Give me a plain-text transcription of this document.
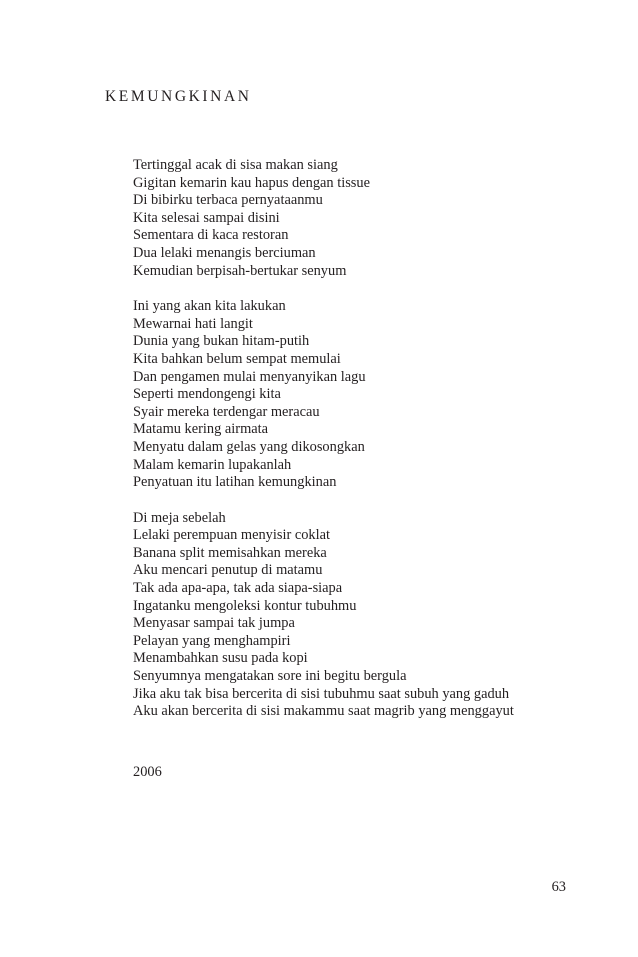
KEMUNGKINAN
Tertinggal acak di sisa makan siang
Gigitan kemarin kau hapus dengan tissue
Di bibirku terbaca pernyataanmu
Kita selesai sampai disini
Sementara di kaca restoran
Dua lelaki menangis berciuman
Kemudian berpisah-bertukar senyum
Ini yang akan kita lakukan
Mewarnai hati langit
Dunia yang bukan hitam-putih
Kita bahkan belum sempat memulai
Dan pengamen mulai menyanyikan lagu
Seperti mendongengi kita
Syair mereka terdengar meracau
Matamu kering airmata
Menyatu dalam gelas yang dikosongkan
Malam kemarin lupakanlah
Penyatuan itu latihan kemungkinan
Di meja sebelah
Lelaki perempuan menyisir coklat
Banana split memisahkan mereka
Aku mencari penutup di matamu
Tak ada apa-apa, tak ada siapa-siapa
Ingatanku mengoleksi kontur tubuhmu
Menyasar sampai tak jumpa
Pelayan yang menghampiri
Menambahkan susu pada kopi
Senyumnya mengatakan sore ini begitu bergula
Jika aku tak bisa bercerita di sisi tubuhmu saat subuh yang gaduh
Aku akan bercerita di sisi makammu saat magrib yang menggayut
2006
63
